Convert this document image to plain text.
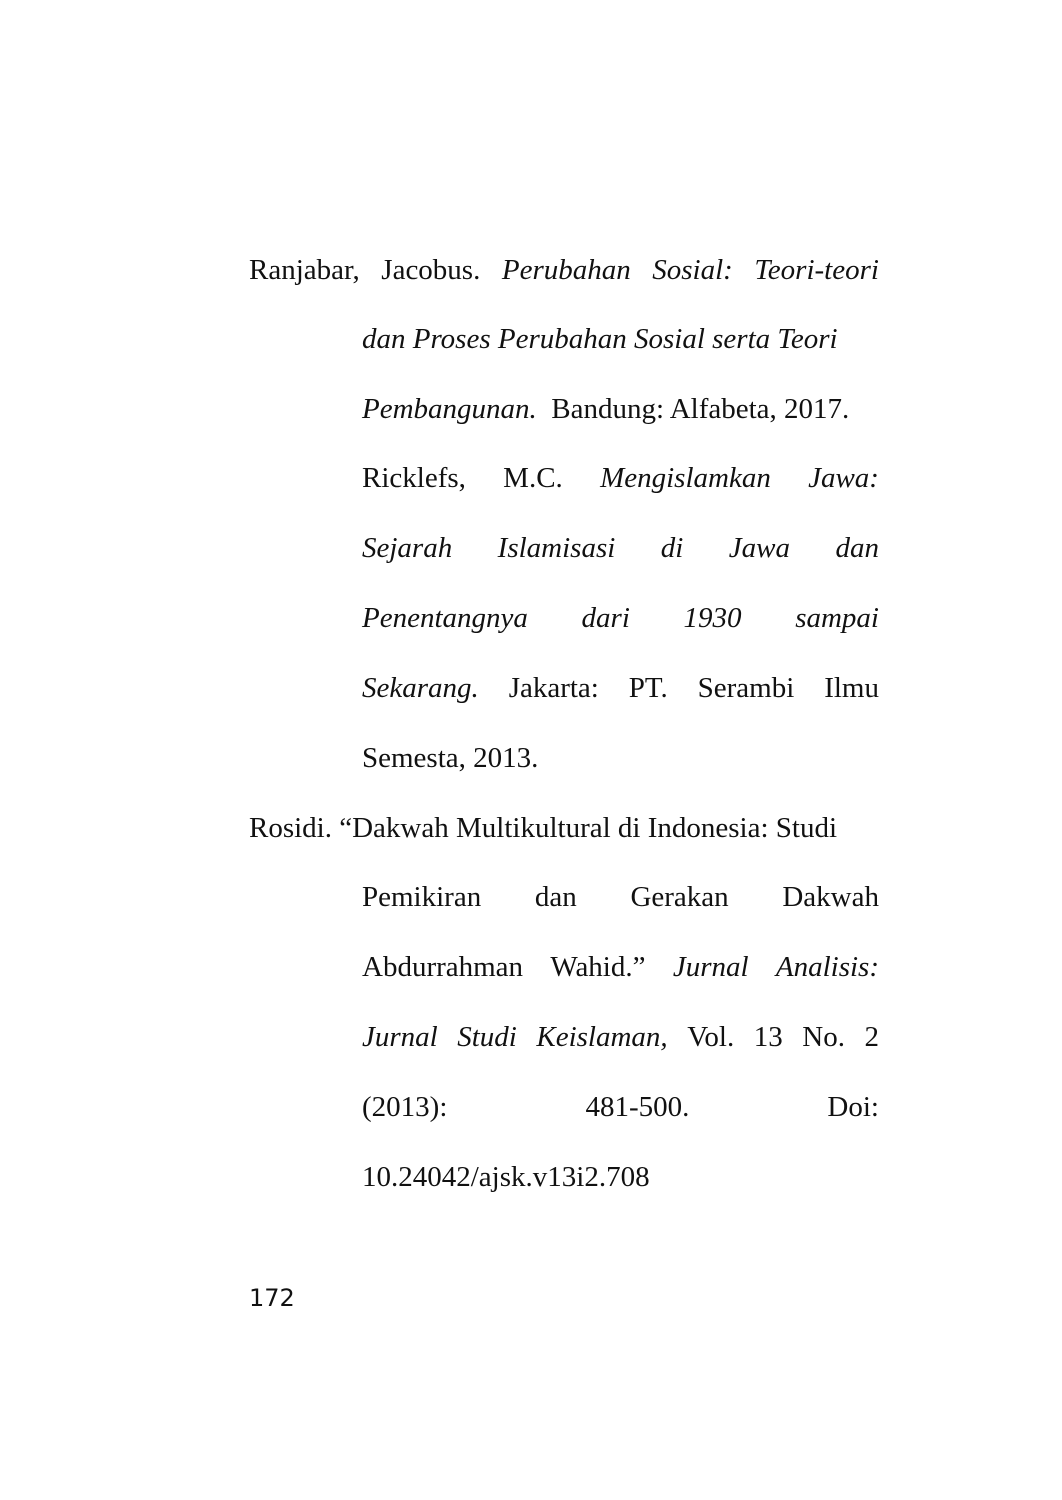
Ranjabar, Jacobus. Perubahan Sosial: Teori-teori
dan Proses Perubahan Sosial serta Teori
Pembangunan. Bandung: Alfabeta, 2017.
Ricklefs, M.C. Mengislamkan Jawa:
Sejarah Islamisasi di Jawa dan
Penentangnya dari 1930 sampai
Sekarang. Jakarta: PT. Serambi Ilmu
Semesta, 2013.
Rosidi. “Dakwah Multikultural di Indonesia: Studi
Pemikiran dan Gerakan Dakwah
Abdurrahman Wahid.” Jurnal Analisis:
Jurnal Studi Keislaman, Vol. 13 No. 2
(2013):	481-500.	Doi:
10.24042/ajsk.v13i2.708
172
